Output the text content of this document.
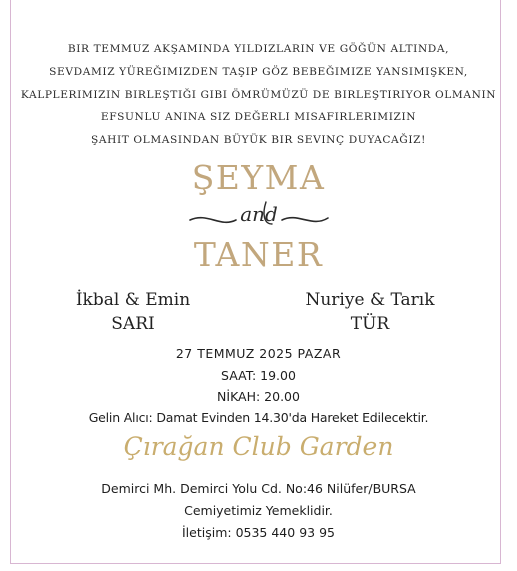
BIR TEMMUZ AKŞAMINDA YILDIZLARIN VE GÖĞÜN ALTINDA,
SEVDAMIZ YÜREĞIMIZDEN TAŞIP GÖZ BEBEĞIMIZE YANSIMIŞKEN,
KALPLERIMIZIN BIRLEŞTIĞI GIBI ÖMRÜMÜZÜ DE BIRLEŞTIRIYOR OLMANIN
EFSUNLU ANINA SIZ DEĞERLI MISAFIRLERIMIZIN
ŞAHIT OLMASINDAN BÜYÜK BIR SEVINÇ DUYACAĞIZ!
ŞEYMA
and
TANER
İkbal & Emin
SARI
Nuriye & Tarık
TÜR
27 TEMMUZ 2025 PAZAR
SAAT: 19.00
NİKAH: 20.00
Gelin Alıcı: Damat Evinden 14.30'da Hareket Edilecektir.
Çırağan Club Garden
Demirci Mh. Demirci Yolu Cd. No:46 Nilüfer/BURSA
Cemiyetimiz Yemeklidir.
İletişim: 0535 440 93 95
